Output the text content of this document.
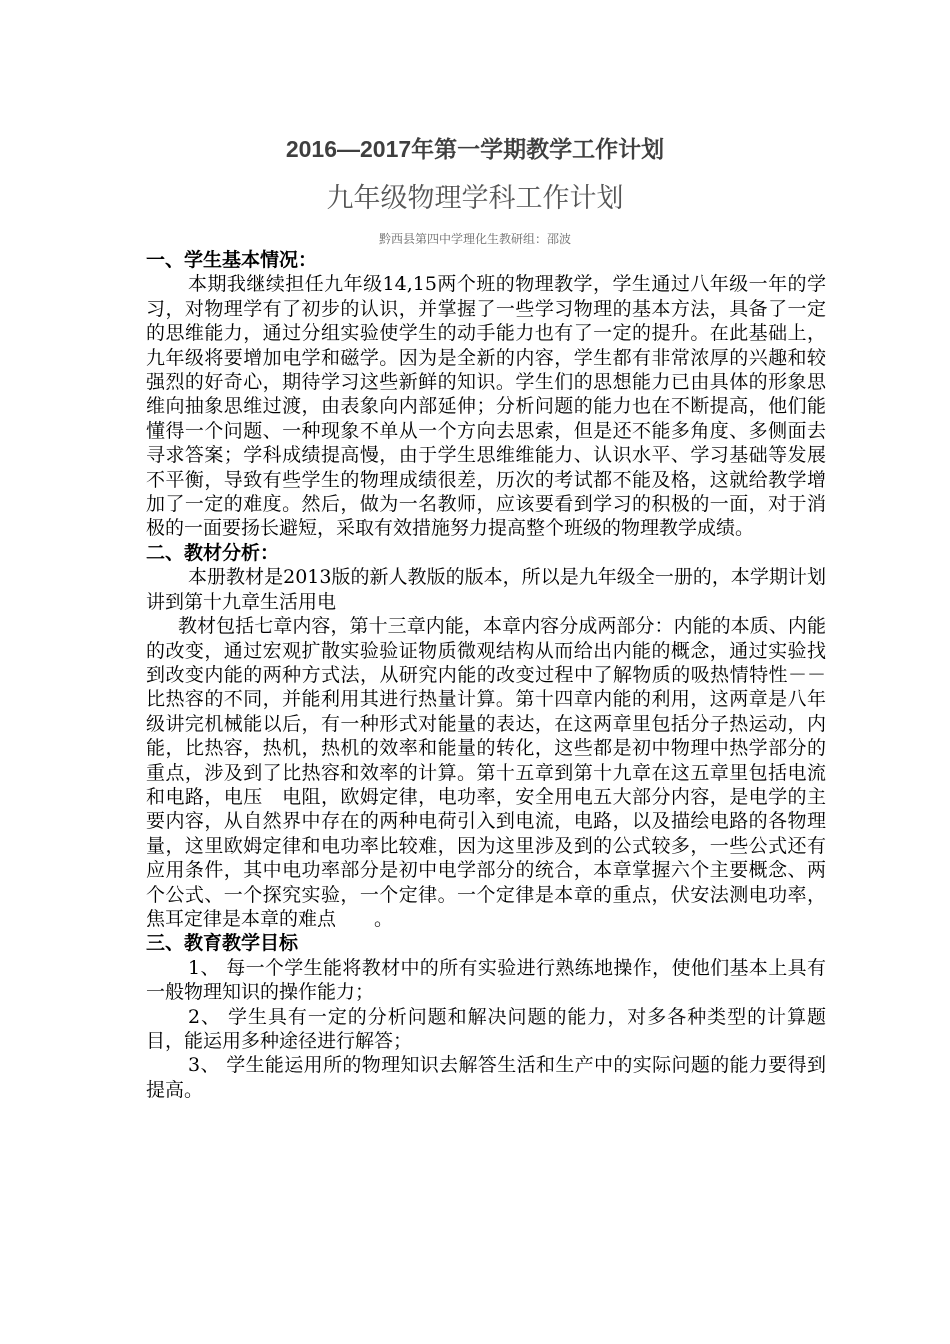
2016—2017年第一学期教学工作计划
九年级物理学科工作计划
黔西县第四中学理化生教研组：邵波

一、学生基本情况：

本期我继续担任九年级14,15两个班的物理教学，学生通过八年级一年的学习，对物理学有了初步的认识，并掌握了一些学习物理的基本方法，具备了一定的思维能力，通过分组实验使学生的动手能力也有了一定的提升。在此基础上，九年级将要增加电学和磁学。因为是全新的内容，学生都有非常浓厚的兴趣和较强烈的好奇心，期待学习这些新鲜的知识。学生们的思想能力已由具体的形象思维向抽象思维过渡，由表象向内部延伸；分析问题的能力也在不断提高，他们能懂得一个问题、一种现象不单从一个方向去思索，但是还不能多角度、多侧面去寻求答案；学科成绩提高慢，由于学生思维维能力、认识水平、学习基础等发展不平衡，导致有些学生的物理成绩很差，历次的考试都不能及格，这就给教学增加了一定的难度。然后，做为一名教师，应该要看到学习的积极的一面，对于消极的一面要扬长避短，采取有效措施努力提高整个班级的物理教学成绩。

二、教材分析：

本册教材是2013版的新人教版的版本，所以是九年级全一册的，本学期计划讲到第十九章生活用电

教材包括七章内容，第十三章内能，本章内容分成两部分：内能的本质、内能的改变，通过宏观扩散实验验证物质微观结构从而给出内能的概念，通过实验找到改变内能的两种方式法，从研究内能的改变过程中了解物质的吸热情特性－－比热容的不同，并能利用其进行热量计算。第十四章内能的利用，这两章是八年级讲完机械能以后，有一种形式对能量的表达，在这两章里包括分子热运动，内能，比热容，热机，热机的效率和能量的转化，这些都是初中物理中热学部分的重点，涉及到了比热容和效率的计算。第十五章到第十九章在这五章里包括电流和电路，电压　电阻，欧姆定律，电功率，安全用电五大部分内容，是电学的主要内容，从自然界中存在的两种电荷引入到电流，电路，以及描绘电路的各物理量，这里欧姆定律和电功率比较难，因为这里涉及到的公式较多，一些公式还有应用条件，其中电功率部分是初中电学部分的统合，本章掌握六个主要概念、两个公式、一个探究实验，一个定律。一个定律是本章的重点，伏安法测电功率，焦耳定律是本章的难点　　。

三、教育教学目标

1、 每一个学生能将教材中的所有实验进行熟练地操作，使他们基本上具有一般物理知识的操作能力；

2、 学生具有一定的分析问题和解决问题的能力，对多各种类型的计算题目，能运用多种途径进行解答；

3、 学生能运用所的物理知识去解答生活和生产中的实际问题的能力要得到提高。
